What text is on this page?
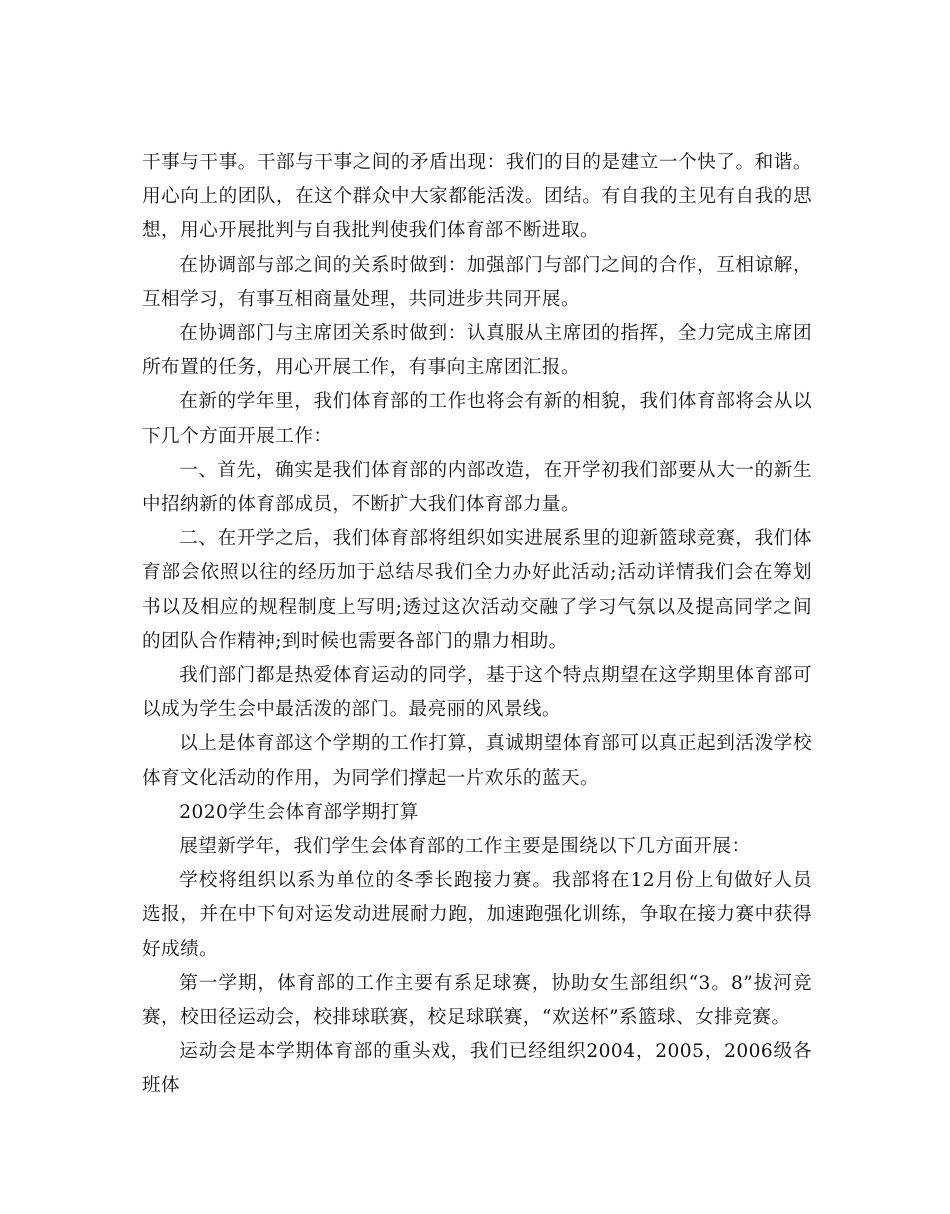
干事与干事。干部与干事之间的矛盾出现：我们的目的是建立一个快了。和谐。用心向上的团队，在这个群众中大家都能活泼。团结。有自我的主见有自我的思想，用心开展批判与自我批判使我们体育部不断进取。

在协调部与部之间的关系时做到：加强部门与部门之间的合作，互相谅解，互相学习，有事互相商量处理，共同进步共同开展。

在协调部门与主席团关系时做到：认真服从主席团的指挥，全力完成主席团所布置的任务，用心开展工作，有事向主席团汇报。

在新的学年里，我们体育部的工作也将会有新的相貌，我们体育部将会从以下几个方面开展工作：

一、首先，确实是我们体育部的内部改造，在开学初我们部要从大一的新生中招纳新的体育部成员，不断扩大我们体育部力量。

二、在开学之后，我们体育部将组织如实进展系里的迎新篮球竞赛，我们体育部会依照以往的经历加于总结尽我们全力办好此活动;活动详情我们会在筹划书以及相应的规程制度上写明;透过这次活动交融了学习气氛以及提高同学之间的团队合作精神;到时候也需要各部门的鼎力相助。

我们部门都是热爱体育运动的同学，基于这个特点期望在这学期里体育部可以成为学生会中最活泼的部门。最亮丽的风景线。

以上是体育部这个学期的工作打算，真诚期望体育部可以真正起到活泼学校体育文化活动的作用，为同学们撑起一片欢乐的蓝天。

2020学生会体育部学期打算

展望新学年，我们学生会体育部的工作主要是围绕以下几方面开展：

学校将组织以系为单位的冬季长跑接力赛。我部将在12月份上旬做好人员选报，并在中下旬对运发动进展耐力跑，加速跑强化训练，争取在接力赛中获得好成绩。

第一学期，体育部的工作主要有系足球赛，协助女生部组织“3。8”拔河竞赛，校田径运动会，校排球联赛，校足球联赛，“欢送杯”系篮球、女排竞赛。

运动会是本学期体育部的重头戏，我们已经组织2004，2005，2006级各班体
